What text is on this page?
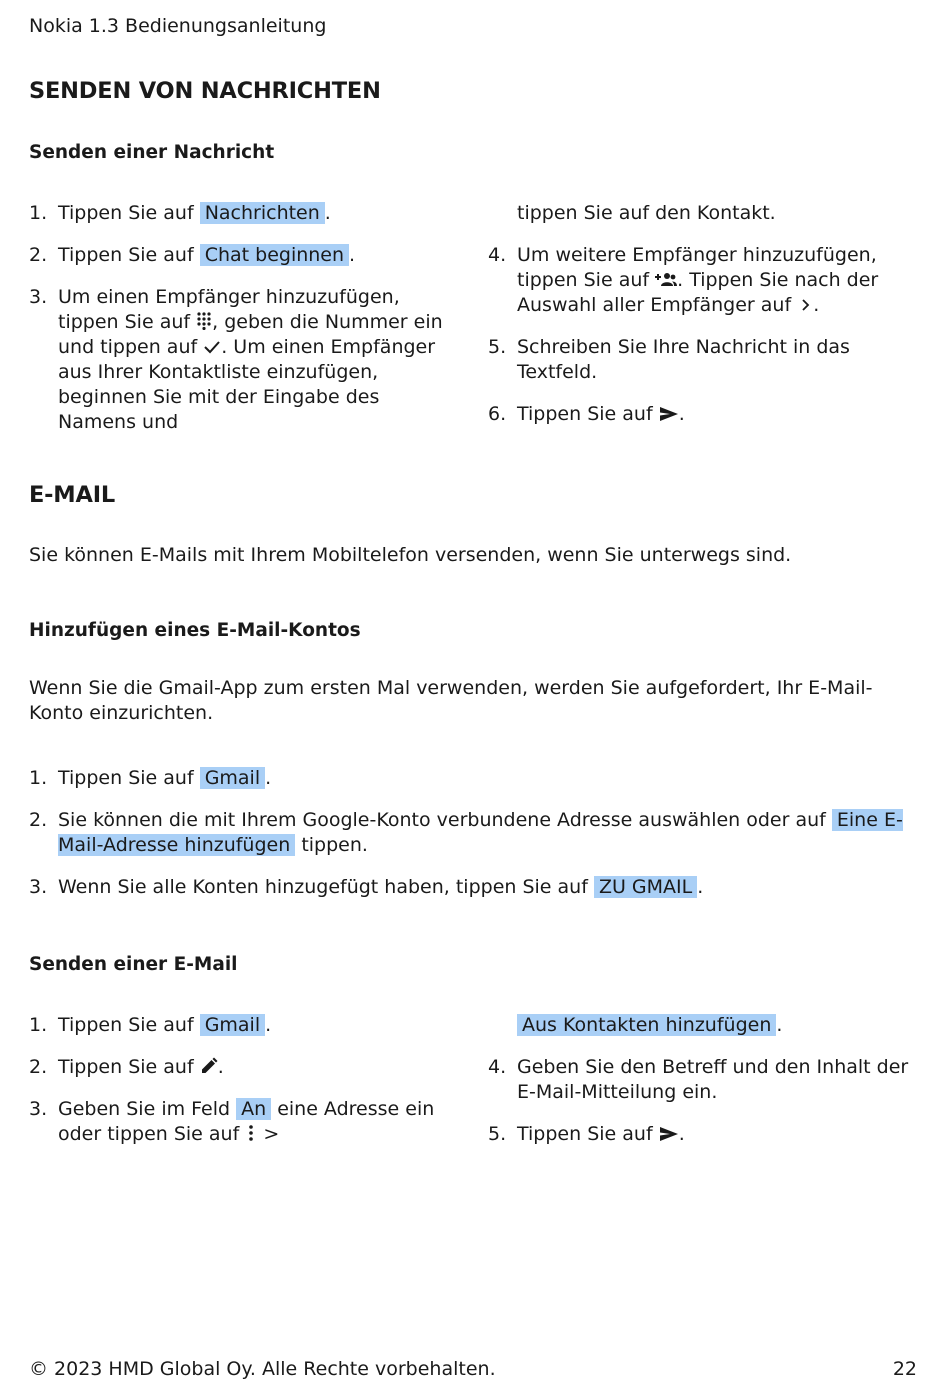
Nokia 1.3 Bedienungsanleitung
SENDEN VON NACHRICHTEN
Senden einer Nachricht
1. Tippen Sie auf Nachrichten .
2. Tippen Sie auf Chat beginnen .
3. Um einen Empfänger hinzuzufügen, tippen Sie auf
, geben die Nummer ein und tippen auf
. Um einen Empfänger aus Ihrer Kontaktliste einzufügen, beginnen Sie mit der Eingabe des Namens und
tippen Sie auf den Kontakt.
4. Um weitere Empfänger hinzuzufügen, tippen Sie auf
. Tippen Sie nach der Auswahl aller Empfänger auf
.
5. Schreiben Sie Ihre Nachricht in das Textfeld.
6. Tippen Sie auf
.
E-MAIL

Sie können E-Mails mit Ihrem Mobiltelefon versenden, wenn Sie unterwegs sind.

Hinzufügen eines E-Mail-Kontos

Wenn Sie die Gmail-App zum ersten Mal verwenden, werden Sie aufgefordert, Ihr E-Mail-Konto einzurichten.

1. Tippen Sie auf Gmail .
2. Sie können die mit Ihrem Google-Konto verbundene Adresse auswählen oder auf Eine E-Mail-Adresse hinzufügen tippen.
3. Wenn Sie alle Konten hinzugefügt haben, tippen Sie auf ZU GMAIL .
Senden einer E-Mail
1. Tippen Sie auf Gmail .
2. Tippen Sie auf
.
3. Geben Sie im Feld An eine Adresse ein oder tippen Sie auf
>
Aus Kontakten hinzufügen .
4. Geben Sie den Betreff und den Inhalt der E-Mail-Mitteilung ein.
5. Tippen Sie auf
.
© 2023 HMD Global Oy. Alle Rechte vorbehalten.	22
